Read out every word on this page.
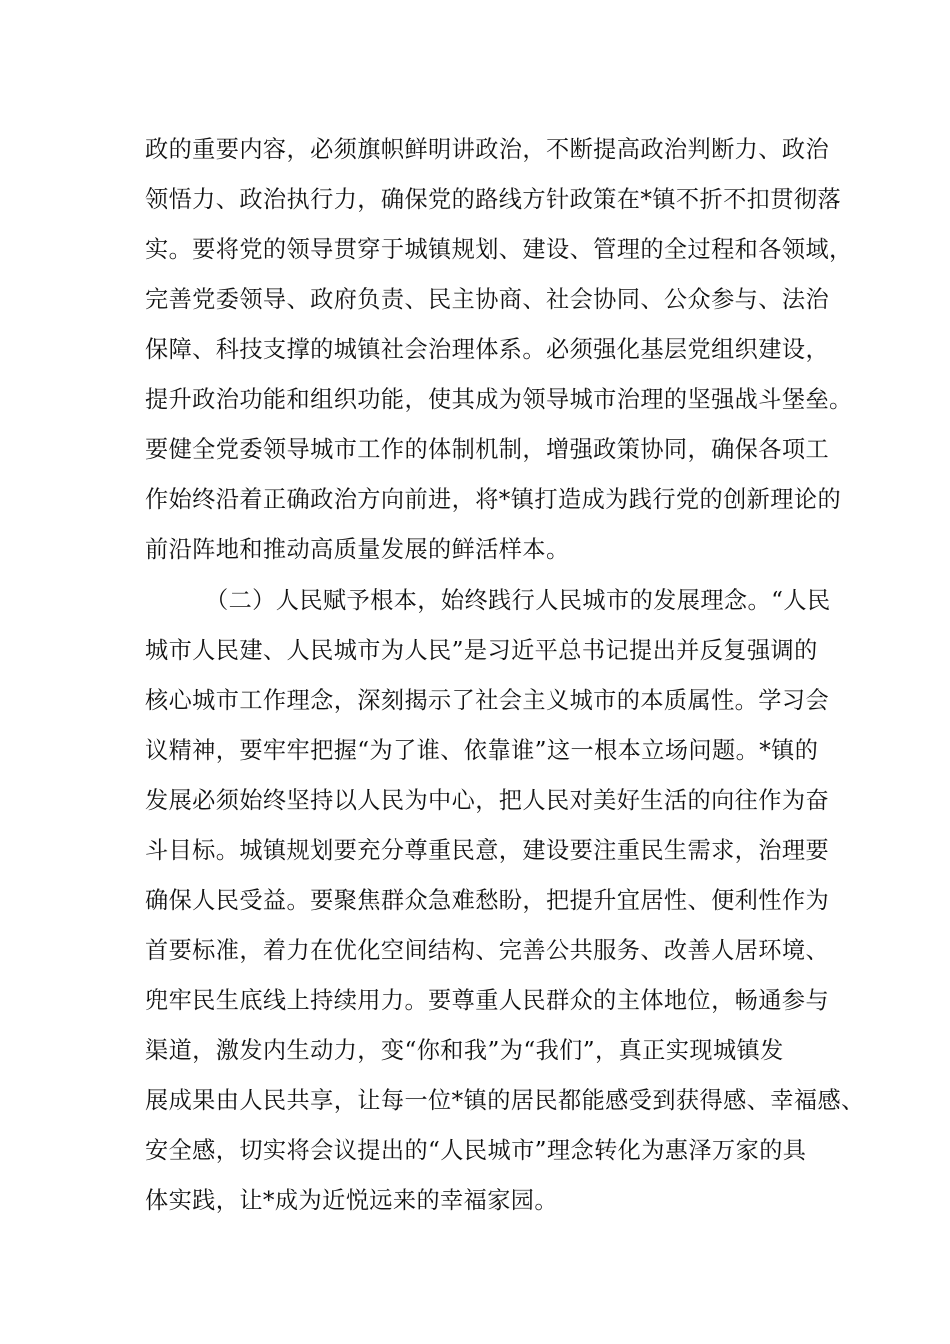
政的重要内容，必须旗帜鲜明讲政治，不断提高政治判断力、政治
领悟力、政治执行力，确保党的路线方针政策在*镇不折不扣贯彻落
实。要将党的领导贯穿于城镇规划、建设、管理的全过程和各领域，
完善党委领导、政府负责、民主协商、社会协同、公众参与、法治
保障、科技支撑的城镇社会治理体系。必须强化基层党组织建设，
提升政治功能和组织功能，使其成为领导城市治理的坚强战斗堡垒。
要健全党委领导城市工作的体制机制，增强政策协同，确保各项工
作始终沿着正确政治方向前进，将*镇打造成为践行党的创新理论的
前沿阵地和推动高质量发展的鲜活样本。
（二）人民赋予根本，始终践行人民城市的发展理念。“人民
城市人民建、人民城市为人民”是习近平总书记提出并反复强调的
核心城市工作理念，深刻揭示了社会主义城市的本质属性。学习会
议精神，要牢牢把握“为了谁、依靠谁”这一根本立场问题。*镇的
发展必须始终坚持以人民为中心，把人民对美好生活的向往作为奋
斗目标。城镇规划要充分尊重民意，建设要注重民生需求，治理要
确保人民受益。要聚焦群众急难愁盼，把提升宜居性、便利性作为
首要标准，着力在优化空间结构、完善公共服务、改善人居环境、
兜牢民生底线上持续用力。要尊重人民群众的主体地位，畅通参与
渠道，激发内生动力，变“你和我”为“我们”，真正实现城镇发
展成果由人民共享，让每一位*镇的居民都能感受到获得感、幸福感、
安全感，切实将会议提出的“人民城市”理念转化为惠泽万家的具
体实践，让*成为近悦远来的幸福家园。
